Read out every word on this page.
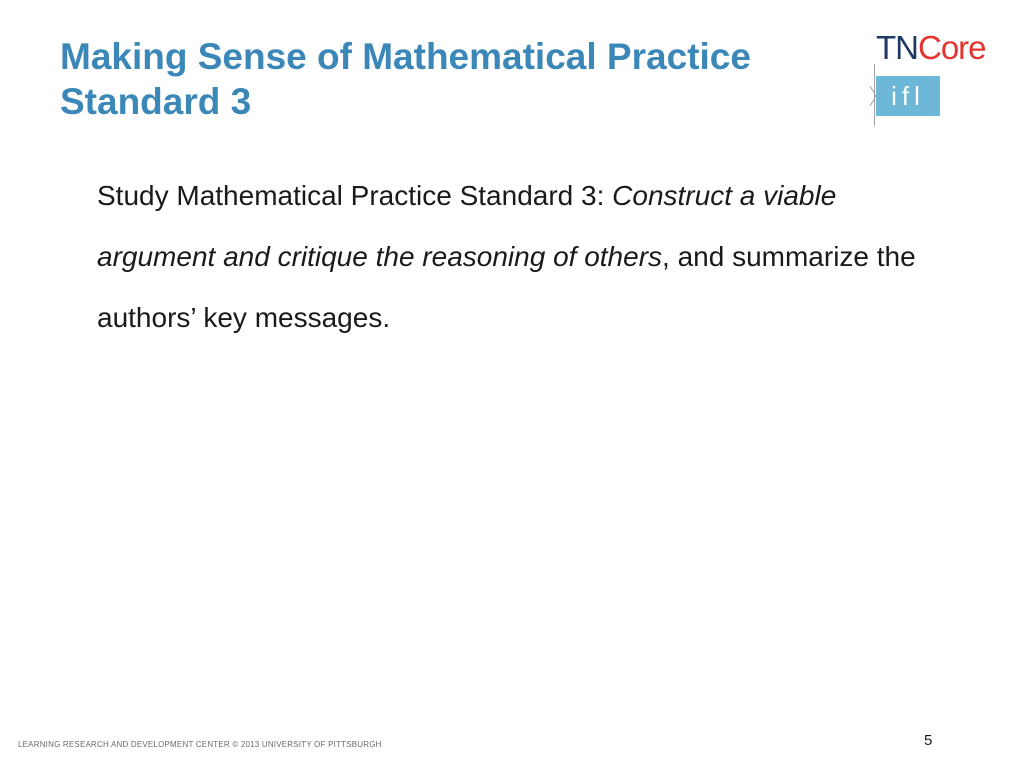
Making Sense of Mathematical Practice
Standard 3
TNCore
ifl

Study Mathematical Practice Standard 3: Construct a viable argument and critique the reasoning of others, and summarize the authors’ key messages.

LEARNING RESEARCH AND DEVELOPMENT CENTER © 2013 UNIVERSITY OF PITTSBURGH	5
